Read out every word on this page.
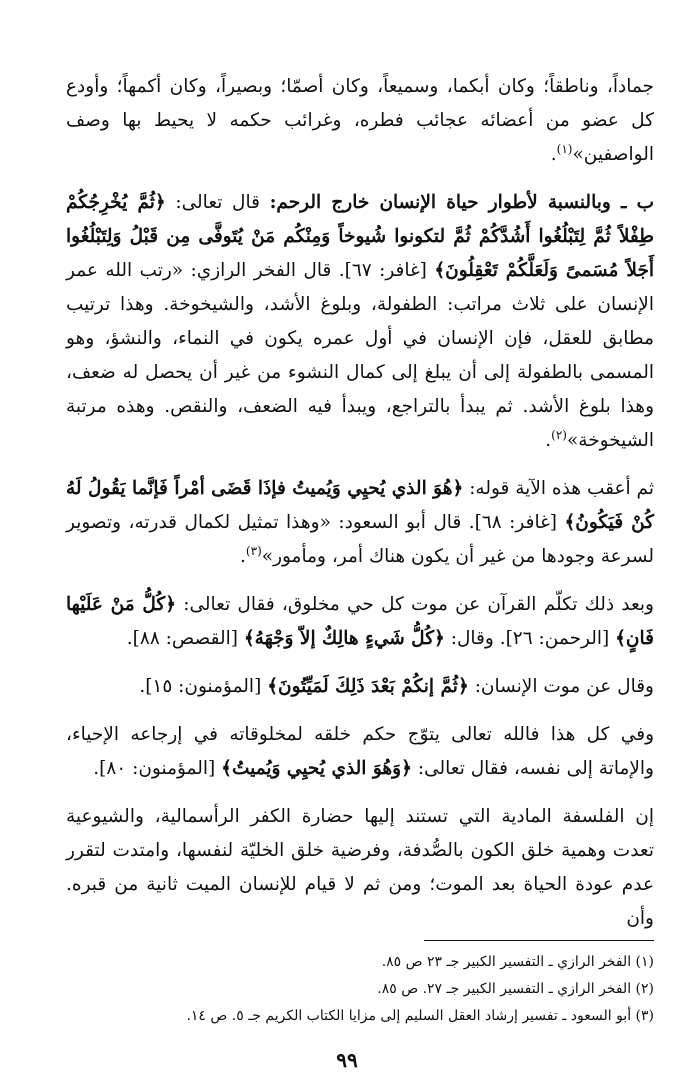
جماداً، وناطقاً؛ وكان أبكما، وسميعاً، وكان أصمّا؛ وبصيراً، وكان أكمهاً؛ وأودع كل عضو من أعضائه عجائب فطره، وغرائب حكمه لا يحيط بها وصف الواصفين»$^{(١)}$.

ب ـ وبالنسبة لأطوار حياة الإنسان خارج الرحم: قال تعالى: ﴿ثُمَّ يُخْرِجُكُمْ طِفْلاً ثُمَّ لِتَبْلُغُوا أَشُدَّكُمْ ثُمَّ لتكونوا شُيوخاً وَمِنْكُم مَنْ يُتَوفَّى مِن قَبْلُ وَلِتَبْلُغُوا أَجَلاً مُسَمىً وَلَعَلَّكُمْ تَعْقِلُونَ﴾ [غافر: ٦٧]. قال الفخر الرازي: «رتب الله عمر الإنسان على ثلاث مراتب: الطفولة، وبلوغ الأشد، والشيخوخة. وهذا ترتيب مطابق للعقل، فإن الإنسان في أول عمره يكون في النماء، والنشؤ، وهو المسمى بالطفولة إلى أن يبلغ إلى كمال النشوء من غير أن يحصل له ضعف، وهذا بلوغ الأشد. ثم يبدأ بالتراجع، ويبدأ فيه الضعف، والنقص. وهذه مرتبة الشيخوخة»$^{(٢)}$.

ثم أعقب هذه الآية قوله: ﴿هُوَ الذي يُحيِي وَيُميتُ فإذَا قَضَى أمْراً فَإنَّما يَقُولُ لَهُ كُنْ فَيَكُونُ﴾ [غافر: ٦٨]. قال أبو السعود: «وهذا تمثيل لكمال قدرته، وتصوير لسرعة وجودها من غير أن يكون هناك أمر، ومأمور»$^{(٣)}$.

وبعد ذلك تكلّم القرآن عن موت كل حي مخلوق، فقال تعالى: ﴿كُلُّ مَنْ عَلَيْها فَانٍ﴾ [الرحمن: ٢٦]. وقال: ﴿كُلُّ شَيءٍ هالِكٌ إلاّ وَجْهَهُ﴾ [القصص: ٨٨].

وقال عن موت الإنسان: ﴿ثُمَّ إنكُمْ بَعْدَ ذَلِكَ لَمَيِّتُونَ﴾ [المؤمنون: ١٥].

وفي كل هذا فالله تعالى يتوّج حكم خلقه لمخلوقاته في إرجاعه الإحياء، والإماتة إلى نفسه، فقال تعالى: ﴿وَهُوَ الذي يُحيِي وَيُميتُ﴾ [المؤمنون: ٨٠].

إن الفلسفة المادية التي تستند إليها حضارة الكفر الرأسمالية، والشيوعية تعدت وهمية خلق الكون بالصُّدفة، وفرضية خلق الخليّة لنفسها، وامتدت لتقرر عدم عودة الحياة بعد الموت؛ ومن ثم لا قيام للإنسان الميت ثانية من قبره. وأن

(١) الفخر الرازي ـ التفسير الكبير جـ ٢٣ ص ٨٥.
(٢) الفخر الرازي ـ التفسير الكبير جـ ٢٧. ص ٨٥.
(٣) أبو السعود ـ تفسير إرشاد العقل السليم إلى مزايا الكتاب الكريم جـ ٥. ص ١٤.
٩٩
